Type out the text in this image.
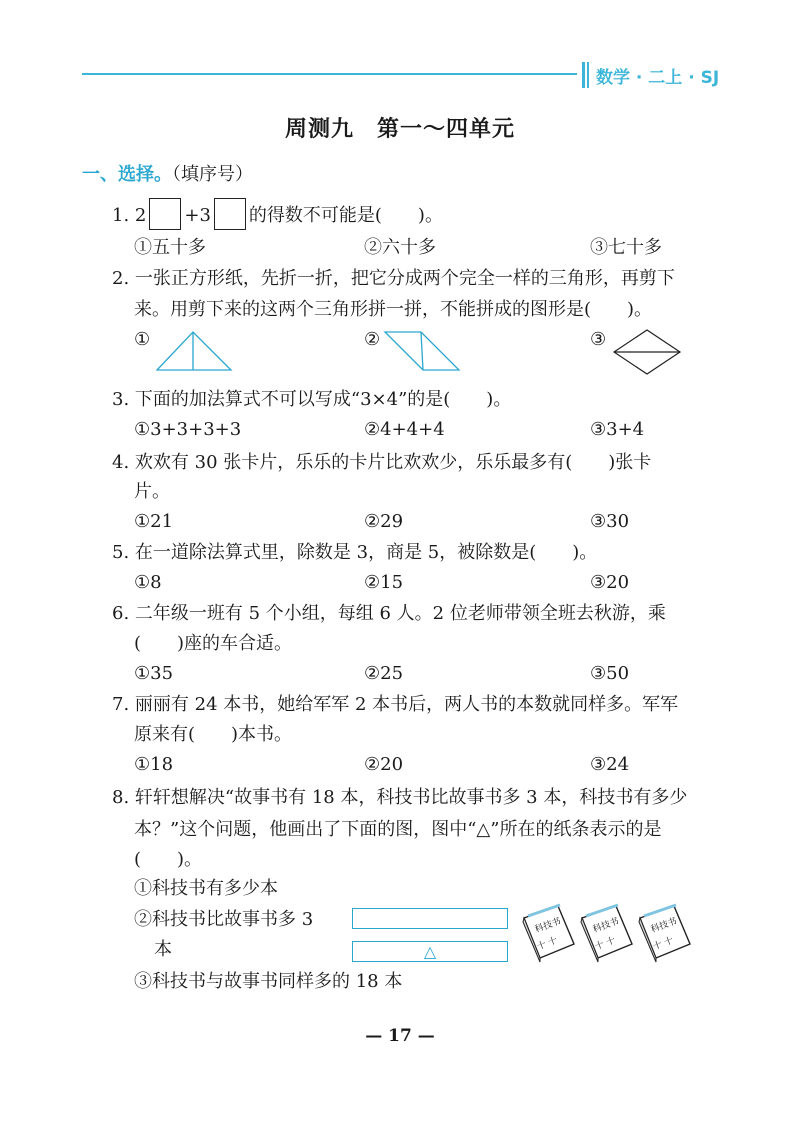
数学 · 二上 · SJ
周测九　第一～四单元
一、选择。（填序号）
1. 2 +3 的得数不可能是(　　)。
①五十多	②六十多	③七十多
2. 一张正方形纸，先折一折，把它分成两个完全一样的三角形，再剪下
来。用剪下来的这两个三角形拼一拼，不能拼成的图形是(　　)。
①	②	③
3. 下面的加法算式不可以写成“3×4”的是(　　)。
①3+3+3+3	②4+4+4	③3+4
4. 欢欢有 30 张卡片，乐乐的卡片比欢欢少，乐乐最多有(　　)张卡
片。
①21	②29	③30
5. 在一道除法算式里，除数是 3，商是 5，被除数是(　　)。
①8	②15	③20
6. 二年级一班有 5 个小组，每组 6 人。2 位老师带领全班去秋游，乘
(　　)座的车合适。
①35	②25	③50
7. 丽丽有 24 本书，她给军军 2 本书后，两人书的本数就同样多。军军
原来有(　　)本书。
①18	②20	③24
8. 轩轩想解决“故事书有 18 本，科技书比故事书多 3 本，科技书有多少
本？”这个问题，他画出了下面的图，图中“△”所在的纸条表示的是
(　　)。
①科技书有多少本
②科技书比故事书多 3
本
③科技书与故事书同样多的 18 本
△	十 十
科技书
十 十
科技书
十 十
科技书
— 17 —
